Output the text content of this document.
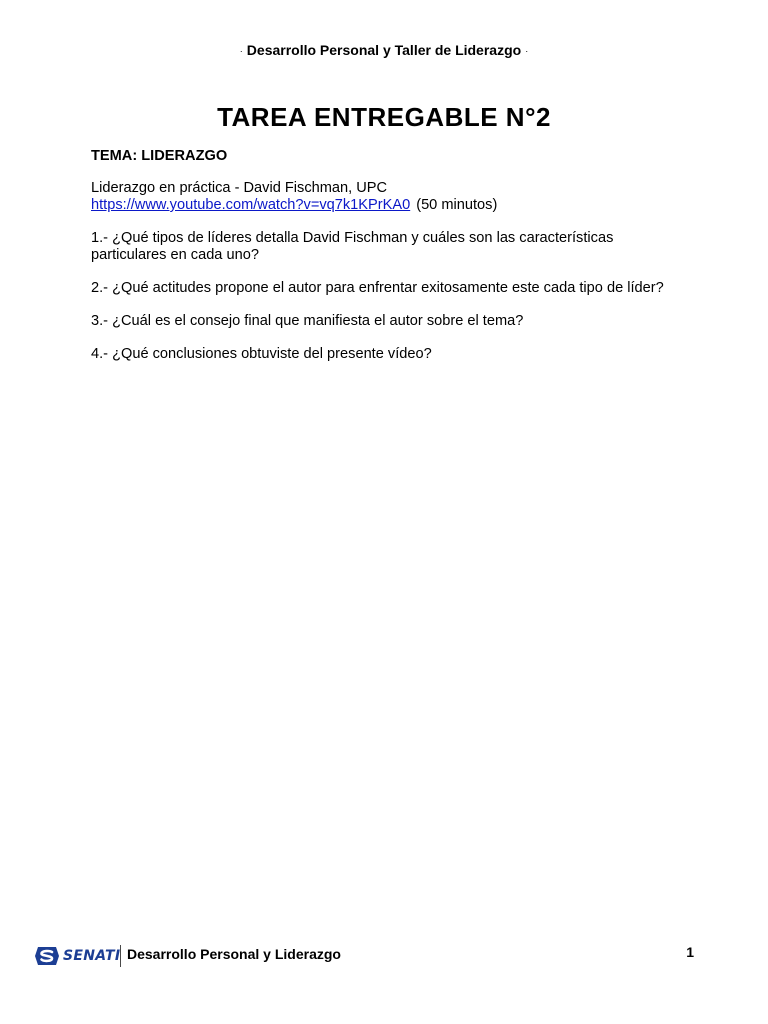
· Desarrollo Personal y Taller de Liderazgo ·
TAREA ENTREGABLE N°2
TEMA: LIDERAZGO
Liderazgo en práctica - David Fischman, UPC
https://www.youtube.com/watch?v=vq7k1KPrKA0 (50 minutos)
1.- ¿Qué tipos de líderes detalla David Fischman y cuáles son las características particulares en cada uno?
2.- ¿Qué actitudes propone el autor para enfrentar exitosamente este cada tipo de líder?
3.- ¿Cuál es el consejo final que manifiesta el autor sobre el tema?
4.- ¿Qué conclusiones obtuviste del presente vídeo?
SENATI Desarrollo Personal y Liderazgo	1
